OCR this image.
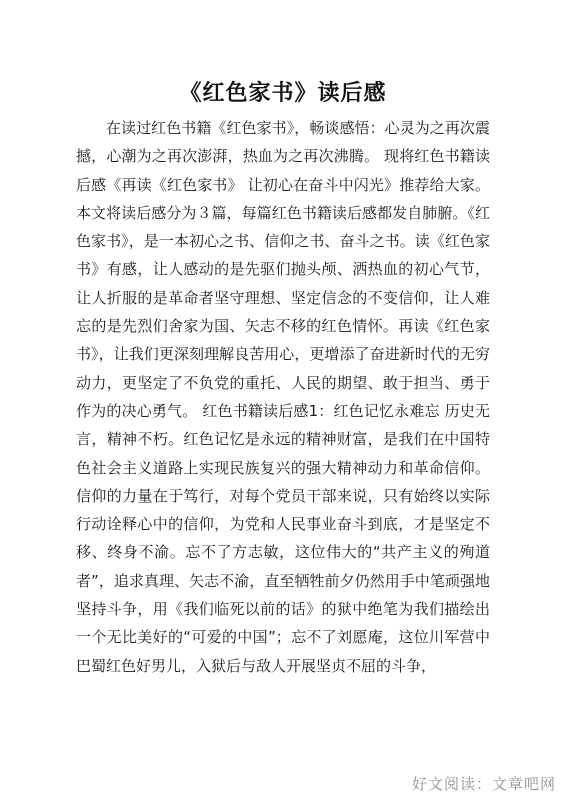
《红色家书》读后感

在读过红色书籍《红色家书》，畅谈感悟：心灵为之再次震撼，心潮为之再次澎湃，热血为之再次沸腾。 现将红色书籍读后感《再读《红色家书》 让初心在奋斗中闪光》推荐给大家。本文将读后感分为３篇，每篇红色书籍读后感都发自肺腑。《红色家书》，是一本初心之书、信仰之书、奋斗之书。读《红色家书》有感，让人感动的是先驱们抛头颅、洒热血的初心气节，让人折服的是革命者坚守理想、坚定信念的不变信仰，让人难忘的是先烈们舍家为国、矢志不移的红色情怀。再读《红色家书》，让我们更深刻理解良苦用心，更增添了奋进新时代的无穷动力，更坚定了不负党的重托、人民的期望、敢于担当、勇于作为的决心勇气。 红色书籍读后感1：红色记忆永难忘 历史无言，精神不朽。红色记忆是永远的精神财富，是我们在中国特色社会主义道路上实现民族复兴的强大精神动力和革命信仰。信仰的力量在于笃行，对每个党员干部来说，只有始终以实际行动诠释心中的信仰，为党和人民事业奋斗到底，才是坚定不移、终身不渝。忘不了方志敏，这位伟大的“共产主义的殉道者”，追求真理、矢志不渝，直至牺牲前夕仍然用手中笔顽强地坚持斗争，用《我们临死以前的话》的狱中绝笔为我们描绘出一个无比美好的“可爱的中国”；忘不了刘愿庵，这位川军营中巴蜀红色好男儿，入狱后与敌人开展坚贞不屈的斗争，

好文阅读：文章吧网
